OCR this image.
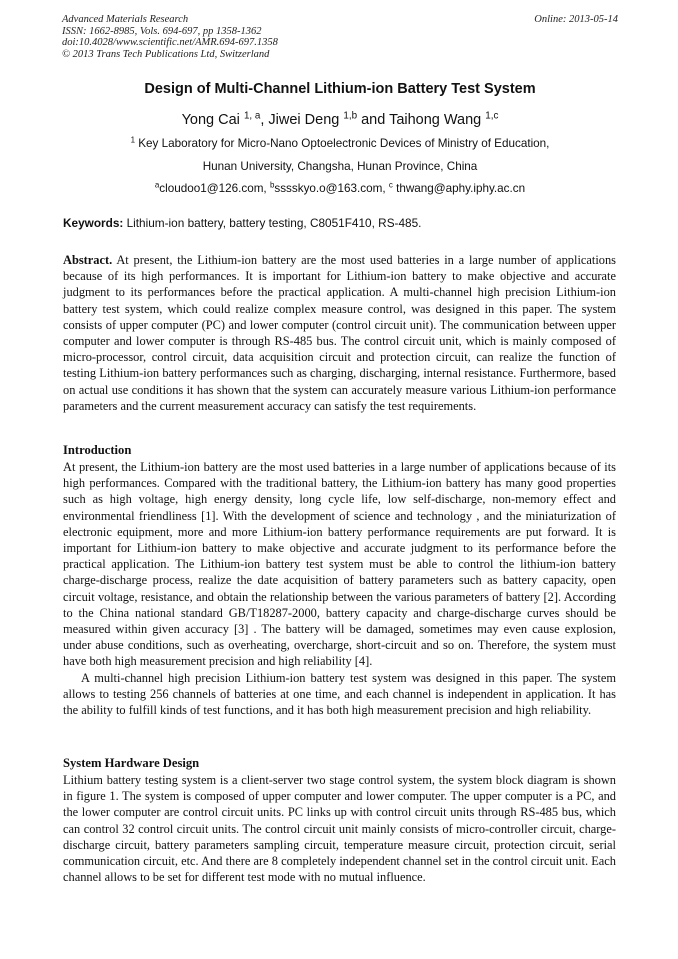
Advanced Materials Research
ISSN: 1662-8985, Vols. 694-697, pp 1358-1362
doi:10.4028/www.scientific.net/AMR.694-697.1358
© 2013 Trans Tech Publications Ltd, Switzerland
Online: 2013-05-14
Design of Multi-Channel Lithium-ion Battery Test System
Yong Cai $^{1, a}$, Jiwei Deng $^{1,b}$ and Taihong Wang $^{1,c}$
$^1$ Key Laboratory for Micro-Nano Optoelectronic Devices of Ministry of Education,
Hunan University, Changsha, Hunan Province, China
$^a$cloudoo1@126.com, $^b$sssskyo.o@163.com, $^c$ thwang@aphy.iphy.ac.cn
Keywords: Lithium-ion battery, battery testing, C8051F410, RS-485.

Abstract. At present, the Lithium-ion battery are the most used batteries in a large number of applications because of its high performances. It is important for Lithium-ion battery to make objective and accurate judgment to its performances before the practical application. A multi-channel high precision Lithium-ion battery test system, which could realize complex measure control, was designed in this paper. The system consists of upper computer (PC) and lower computer (control circuit unit). The communication between upper computer and lower computer is through RS-485 bus. The control circuit unit, which is mainly composed of micro-processor, control circuit, data acquisition circuit and protection circuit, can realize the function of testing Lithium-ion battery performances such as charging, discharging, internal resistance. Furthermore, based on actual use conditions it has shown that the system can accurately measure various Lithium-ion performance parameters and the current measurement accuracy can satisfy the test requirements.

Introduction

At present, the Lithium-ion battery are the most used batteries in a large number of applications because of its high performances. Compared with the traditional battery, the Lithium-ion battery has many good properties such as high voltage, high energy density, long cycle life, low self-discharge, non-memory effect and environmental friendliness [1]. With the development of science and technology , and the miniaturization of electronic equipment, more and more Lithium-ion battery performance requirements are put forward. It is important for Lithium-ion battery to make objective and accurate judgment to its performance before the practical application. The Lithium-ion battery test system must be able to control the lithium-ion battery charge-discharge process, realize the date acquisition of battery parameters such as battery capacity, open circuit voltage, resistance, and obtain the relationship between the various parameters of battery [2]. According to the China national standard GB/T18287-2000, battery capacity and charge-discharge curves should be measured within given accuracy [3] . The battery will be damaged, sometimes may even cause explosion, under abuse conditions, such as overheating, overcharge, short-circuit and so on. Therefore, the system must have both high measurement precision and high reliability [4].

A multi-channel high precision Lithium-ion battery test system was designed in this paper. The system allows to testing 256 channels of batteries at one time, and each channel is independent in application. It has the ability to fulfill kinds of test functions, and it has both high measurement precision and high reliability.

System Hardware Design

Lithium battery testing system is a client-server two stage control system, the system block diagram is shown in figure 1. The system is composed of upper computer and lower computer. The upper computer is a PC, and the lower computer are control circuit units. PC links up with control circuit units through RS-485 bus, which can control 32 control circuit units. The control circuit unit mainly consists of micro-controller circuit, charge-discharge circuit, battery parameters sampling circuit, temperature measure circuit, protection circuit, serial communication circuit, etc. And there are 8 completely independent channel set in the control circuit unit. Each channel allows to be set for different test mode with no mutual influence.
